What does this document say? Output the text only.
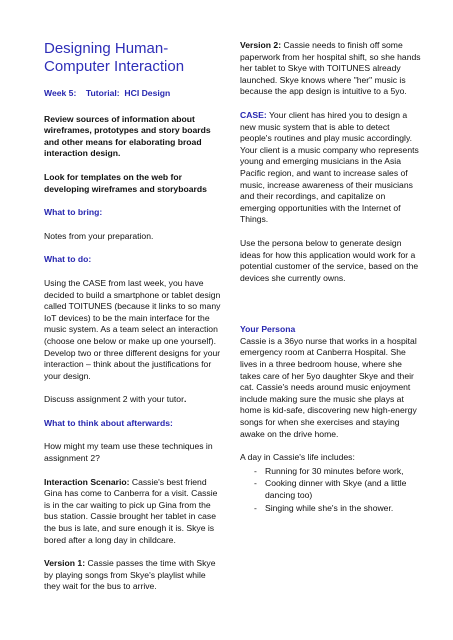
Designing Human-Computer Interaction

Week 5: Tutorial: HCI Design

Review sources of information about wireframes, prototypes and story boards and other means for elaborating broad interaction design.

Look for templates on the web for developing wireframes and storyboards

What to bring:

Notes from your preparation.

What to do:

Using the CASE from last week, you have decided to build a smartphone or tablet design called TOITUNES (because it links to so many IoT devices) to be the main interface for the music system. As a team select an interaction (choose one below or make up one yourself). Develop two or three different designs for your interaction – think about the justifications for your design.

Discuss assignment 2 with your tutor.

What to think about afterwards:

How might my team use these techniques in assignment 2?

Interaction Scenario: Cassie's best friend Gina has come to Canberra for a visit. Cassie is in the car waiting to pick up Gina from the bus station. Cassie brought her tablet in case the bus is late, and sure enough it is. Skye is bored after a long day in childcare.

Version 1: Cassie passes the time with Skye by playing songs from Skye's playlist while they wait for the bus to arrive.

Version 2: Cassie needs to finish off some paperwork from her hospital shift, so she hands her tablet to Skye with TOITUNES already launched. Skye knows where "her" music is because the app design is intuitive to a 5yo.

CASE: Your client has hired you to design a new music system that is able to detect people's routines and play music accordingly. Your client is a music company who represents young and emerging musicians in the Asia Pacific region, and want to increase sales of music, increase awareness of their musicians and their recordings, and capitalize on emerging opportunities with the Internet of Things.

Use the persona below to generate design ideas for how this application would work for a potential customer of the service, based on the devices she currently owns.

Your Persona

Cassie is a 36yo nurse that works in a hospital emergency room at Canberra Hospital. She lives in a three bedroom house, where she takes care of her 5yo daughter Skye and their cat. Cassie's needs around music enjoyment include making sure the music she plays at home is kid-safe, discovering new high-energy songs for when she exercises and staying awake on the drive home.

A day in Cassie's life includes:

- Running for 30 minutes before work,
- Cooking dinner with Skye (and a little dancing too)
- Singing while she's in the shower.
